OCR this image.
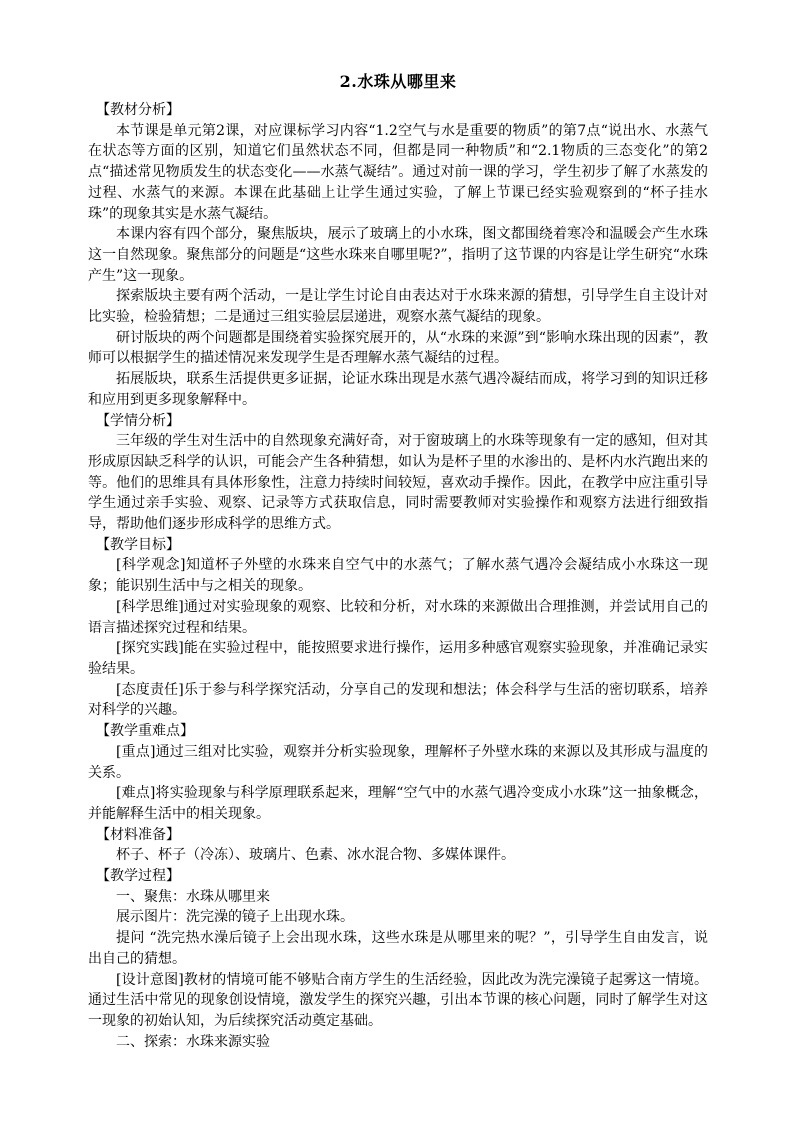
2.水珠从哪里来

【教材分析】

本节课是单元第2课，对应课标学习内容“1.2空气与水是重要的物质”的第7点“说出水、水蒸气在状态等方面的区别，知道它们虽然状态不同，但都是同一种物质”和“2.1物质的三态变化”的第2点“描述常见物质发生的状态变化——水蒸气凝结”。通过对前一课的学习，学生初步了解了水蒸发的过程、水蒸气的来源。本课在此基础上让学生通过实验，了解上节课已经实验观察到的“杯子挂水珠”的现象其实是水蒸气凝结。

本课内容有四个部分，聚焦版块，展示了玻璃上的小水珠，图文都围绕着寒冷和温暖会产生水珠这一自然现象。聚焦部分的问题是“这些水珠来自哪里呢?”，指明了这节课的内容是让学生研究“水珠产生”这一现象。

探索版块主要有两个活动，一是让学生讨论自由表达对于水珠来源的猜想，引导学生自主设计对比实验，检验猜想；二是通过三组实验层层递进，观察水蒸气凝结的现象。

研讨版块的两个问题都是围绕着实验探究展开的，从“水珠的来源”到“影响水珠出现的因素”，教师可以根据学生的描述情况来发现学生是否理解水蒸气凝结的过程。

拓展版块，联系生活提供更多证据，论证水珠出现是水蒸气遇冷凝结而成，将学习到的知识迁移和应用到更多现象解释中。

【学情分析】

三年级的学生对生活中的自然现象充满好奇，对于窗玻璃上的水珠等现象有一定的感知，但对其形成原因缺乏科学的认识，可能会产生各种猜想，如认为是杯子里的水渗出的、是杯内水汽跑出来的等。他们的思维具有具体形象性，注意力持续时间较短，喜欢动手操作。因此，在教学中应注重引导学生通过亲手实验、观察、记录等方式获取信息，同时需要教师对实验操作和观察方法进行细致指导，帮助他们逐步形成科学的思维方式。

【教学目标】

[科学观念]知道杯子外壁的水珠来自空气中的水蒸气；了解水蒸气遇冷会凝结成小水珠这一现象；能识别生活中与之相关的现象。

[科学思维]通过对实验现象的观察、比较和分析，对水珠的来源做出合理推测，并尝试用自己的语言描述探究过程和结果。

[探究实践]能在实验过程中，能按照要求进行操作，运用多种感官观察实验现象，并准确记录实验结果。

[态度责任]乐于参与科学探究活动，分享自己的发现和想法；体会科学与生活的密切联系，培养对科学的兴趣。

【教学重难点】

[重点]通过三组对比实验，观察并分析实验现象，理解杯子外壁水珠的来源以及其形成与温度的关系。

[难点]将实验现象与科学原理联系起来，理解“空气中的水蒸气遇冷变成小水珠”这一抽象概念，并能解释生活中的相关现象。

【材料准备】

杯子、杯子（冷冻）、玻璃片、色素、冰水混合物、多媒体课件。

【教学过程】

一、聚焦：水珠从哪里来

展示图片：洗完澡的镜子上出现水珠。

提问 “洗完热水澡后镜子上会出现水珠，这些水珠是从哪里来的呢？”，引导学生自由发言，说出自己的猜想。

[设计意图]教材的情境可能不够贴合南方学生的生活经验，因此改为洗完澡镜子起雾这一情境。通过生活中常见的现象创设情境，激发学生的探究兴趣，引出本节课的核心问题，同时了解学生对这一现象的初始认知，为后续探究活动奠定基础。

二、探索：水珠来源实验
